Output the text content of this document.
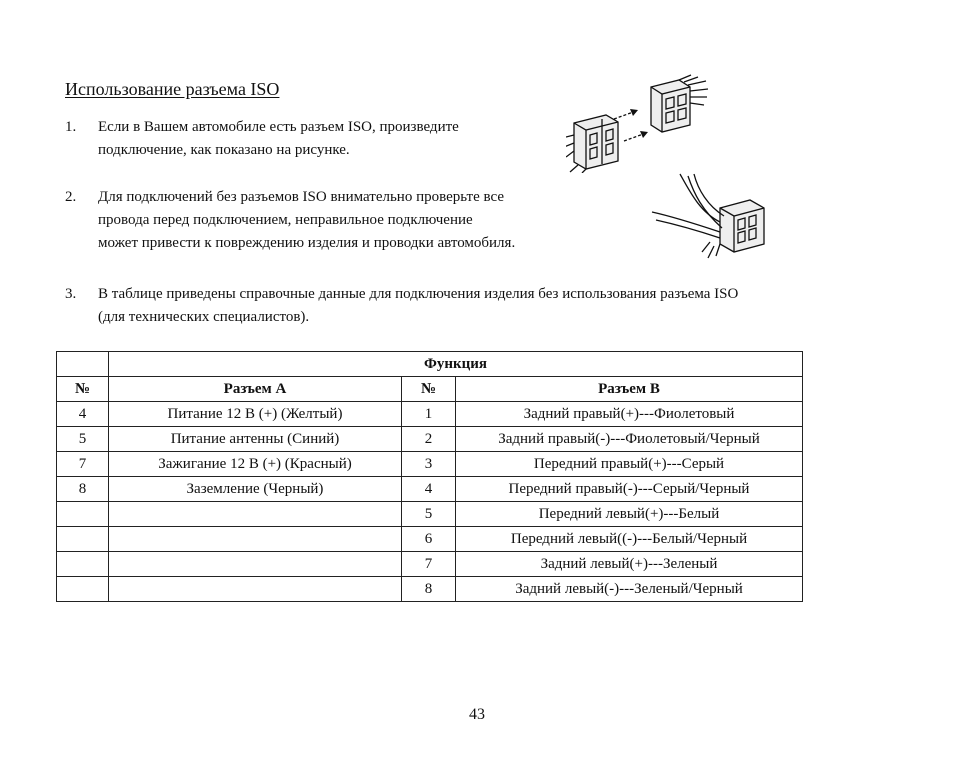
Использование разъема ISO
1.	Если в Вашем автомобиле есть разъем ISO, произведите
подключение, как показано на рисунке.
2.	Для подключений без разъемов ISO внимательно проверьте все
провода перед подключением, неправильное подключение
может привести к повреждению изделия и проводки автомобиля.
3.	В таблице приведены справочные данные для подключения изделия без использования разъема ISO
(для технических специалистов).
	Функция		
№	Разъем А	№	Разъем В
4	Питание 12 В (+) (Желтый)	1	Задний правый(+)---Фиолетовый
5	Питание антенны (Синий)	2	Задний правый(-)---Фиолетовый/Черный
7	Зажигание 12 В (+) (Красный)	3	Передний правый(+)---Серый
8	Заземление (Черный)	4	Передний правый(-)---Серый/Черный
		5	Передний левый(+)---Белый
		6	Передний левый((-)---Белый/Черный
		7	Задний левый(+)---Зеленый
		8	Задний левый(-)---Зеленый/Черный
43
